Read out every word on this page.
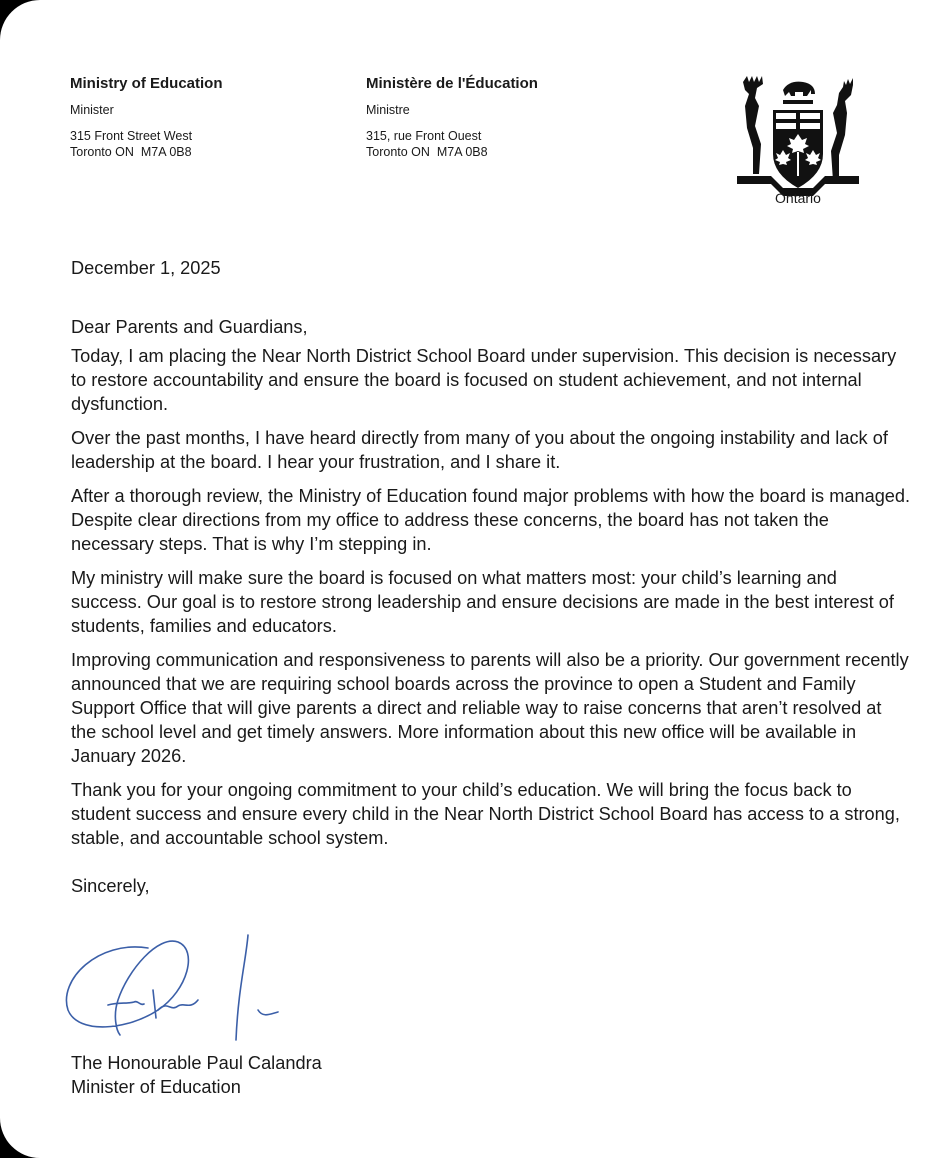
Ministry of Education
Minister
315 Front Street West
Toronto ON  M7A 0B8
Ministère de l'Éducation
Ministre
315, rue Front Ouest
Toronto ON  M7A 0B8
Ontario

December 1, 2025

Dear Parents and Guardians,

Today, I am placing the Near North District School Board under supervision. This decision is necessary to restore accountability and ensure the board is focused on student achievement, and not internal dysfunction.

Over the past months, I have heard directly from many of you about the ongoing instability and lack of leadership at the board. I hear your frustration, and I share it.

After a thorough review, the Ministry of Education found major problems with how the board is managed. Despite clear directions from my office to address these concerns, the board has not taken the necessary steps. That is why I’m stepping in.

My ministry will make sure the board is focused on what matters most: your child’s learning and success. Our goal is to restore strong leadership and ensure decisions are made in the best interest of students, families and educators.

Improving communication and responsiveness to parents will also be a priority. Our government recently announced that we are requiring school boards across the province to open a Student and Family Support Office that will give parents a direct and reliable way to raise concerns that aren’t resolved at the school level and get timely answers. More information about this new office will be available in January 2026.

Thank you for your ongoing commitment to your child’s education. We will bring the focus back to student success and ensure every child in the Near North District School Board has access to a strong, stable, and accountable school system.

Sincerely,

The Honourable Paul Calandra
Minister of Education
